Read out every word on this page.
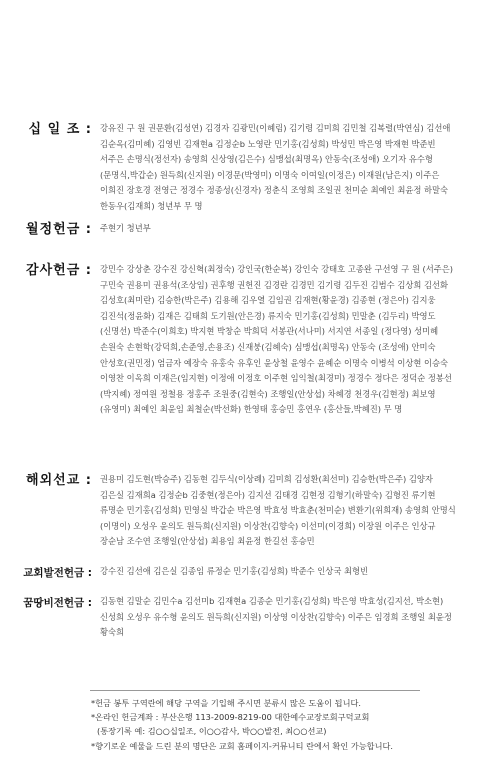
십 일 조 : 강유진 구 원 권문환(김성연) 김경자 김광민(이혜림) 김기령 김미희 김민철 김복렬(박연심) 김선애 김순옥(김미혜) 김영빈 김재현a 김정순b 노영란 민기홍(김성희) 박성민 박은영 박재현 박준빈 서주은 손명식(정선자) 송영희 신상영(김은수) 심맹섭(최명옥) 안동숙(조성애) 오기자 유수형(문명식,박갑순) 원득희(신지원) 이경문(박영미) 이명숙 이여일(이정은) 이재원(남은지) 이주은 이희진 장호경 전영근 정경수 정종성(신경자) 정춘식 조영희 조일권 천미순 최예인 최윤정 하말숙 한동우(김재희) 청년부 무 명
월정헌금 : 주현기 청년부
감사헌금 : 강민수 강상춘 강수진 강신혁(최정숙) 강인국(한순복) 강인숙 강태호 고종완 구선영 구 원 (서주은) 구민숙 권용미 권용석(조상임) 권후행 권헌진 김경란 김경민 김기령 김두진 김범수 김상희 김선화 김성호(최미란) 김승한(박은주) 김용해 김우열 김임권 김재현(황윤경) 김종현 (정은아) 김지웅 김진석(정윤화) 김재은 김태희 도기원(안은경) 류지숙 민기홍(김성희) 민말춘 (김두리) 박영도(신명선) 박준수(이희호) 박지현 박창순 박희덕 서봉관(서나미) 서지연 서종일 (정다영) 성미혜 손원숙 손현학(강덕희,손준영,손용조) 신재붕(김혜숙) 심맹섭(최명옥) 안동숙 (조성애) 안미숙 안성호(권민정) 엄금자 예장숙 유홍숙 유후인 윤상철 윤영수 윤혜순 이명숙 이병석 이상현 이승숙 이영찬 이옥희 이재은(임지현) 이정애 이정호 이주현 임익철(최경미) 정경수 정다은 정덕순 정봉선(박지혜) 정여원 정철용 정홍주 조원중(김현숙) 조행일(안상섭) 차혜경 천경우(김현정) 최보영(유영미) 최예인 최윤임 최철순(박선화) 한영태 홍승민 홍연우 (홍산들,박혜진) 무 명
해외선교 : 권용미 김도현(박승주) 김동현 김두식(이상례) 김미희 김성환(최선미) 김승한(박은주) 김양자 김은실 김재희a 김정순b 김중현(정은아) 김지선 김태경 김현정 김형기(하말숙) 김형진 류기현 류명순 민기홍(김성희) 민영실 박갑순 박은영 박효성 박효춘(천미순) 변환기(위희재) 송영희 안명식(이명이) 오성우 윤의도 원득희(신지원) 이상찬(김향숙) 이선미(이경희) 이장원 이주은 인상규 장순남 조수연 조행일(안상섭) 최용임 최윤정 한길선 홍승민
교회발전헌금 : 강수진 김선애 김은실 김종임 류정순 민기홍(김성희) 박준수 인상국 최형빈
꿈땅비전헌금 : 김동현 김말순 김민수a 김선미b 김재현a 김종순 민기홍(김성희) 박은영 박효성(김지선, 박소현) 신성희 오성우 유수형 윤의도 원득희(신지원) 이상영 이상찬(김향숙) 이주은 임경희 조행일 최윤정 황숙희
*헌금 봉투 구역란에 해당 구역을 기입해 주시면 분류시 많은 도움이 됩니다.
*온라인 헌금계좌 : 부산은행 113-2009-8219-00 대한예수교장로회구덕교회
(통장기록 예: 김○○십일조, 이○○감사, 박○○발전, 최○○선교)
*향기로운 예물을 드린 분의 명단은 교회 홈페이지-커뮤니티 란에서 확인 가능합니다.
